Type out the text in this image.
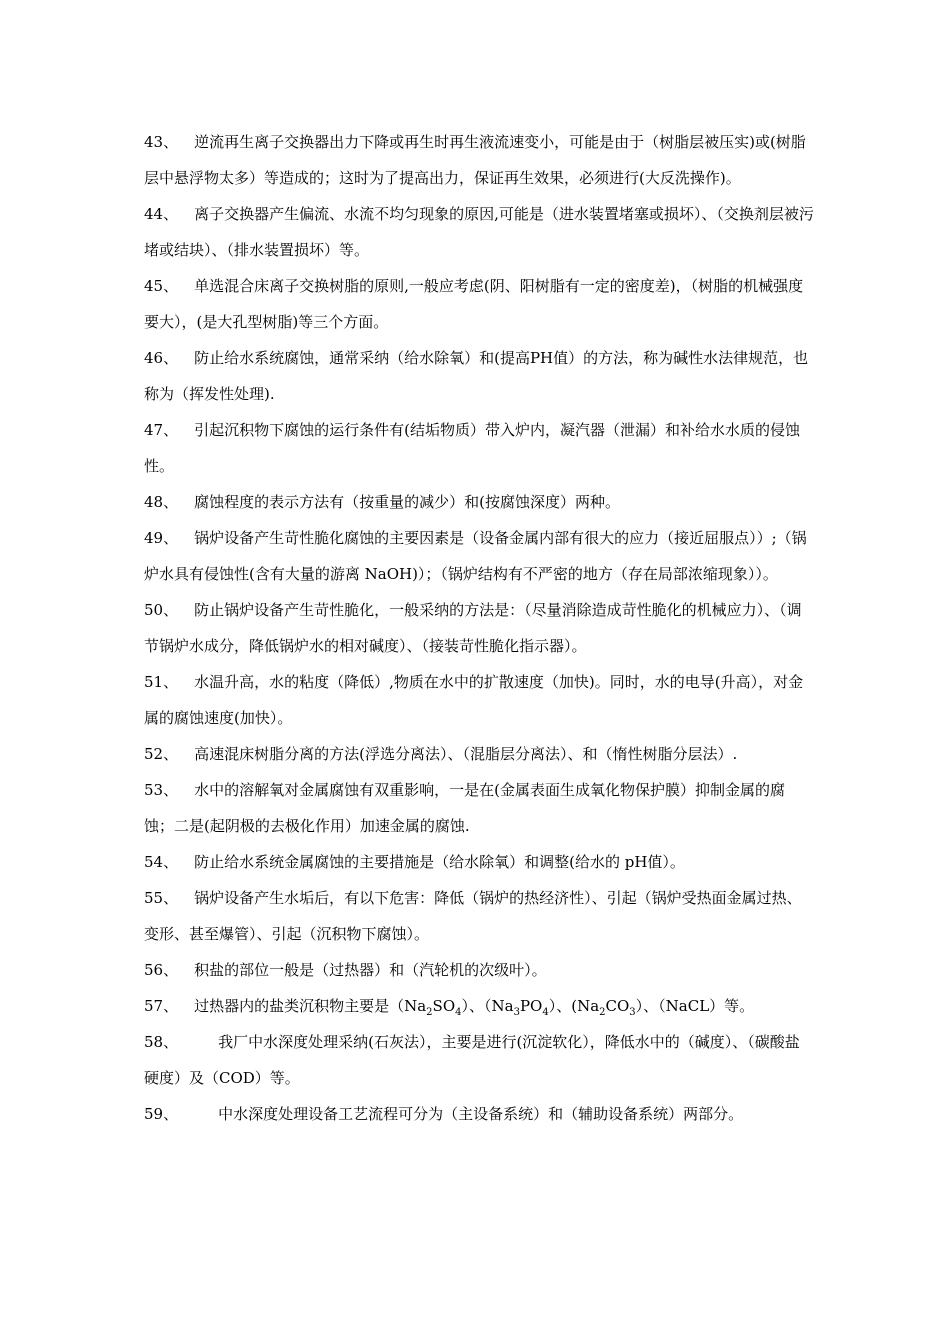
43、 逆流再生离子交换器出力下降或再生时再生液流速变小，可能是由于（树脂层被压实)或(树脂层中悬浮物太多）等造成的；这时为了提高出力，保证再生效果，必须进行(大反洗操作)。

44、 离子交换器产生偏流、水流不均匀现象的原因,可能是（进水装置堵塞或损坏）、（交换剂层被污堵或结块）、（排水装置损坏）等。

45、 单选混合床离子交换树脂的原则,一般应考虑(阴、阳树脂有一定的密度差)，（树脂的机械强度要大），(是大孔型树脂)等三个方面。

46、 防止给水系统腐蚀，通常采纳（给水除氧）和(提高PH值）的方法，称为碱性水法律规范，也称为（挥发性处理).

47、 引起沉积物下腐蚀的运行条件有(结垢物质）带入炉内，凝汽器（泄漏）和补给水水质的侵蚀性。

48、 腐蚀程度的表示方法有（按重量的减少）和(按腐蚀深度）两种。

49、 锅炉设备产生苛性脆化腐蚀的主要因素是（设备金属内部有很大的应力（接近屈服点））;（锅炉水具有侵蚀性(含有大量的游离 NaOH)）；（锅炉结构有不严密的地方（存在局部浓缩现象））。

50、 防止锅炉设备产生苛性脆化，一般采纳的方法是：（尽量消除造成苛性脆化的机械应力）、（调节锅炉水成分，降低锅炉水的相对碱度）、（接装苛性脆化指示器）。

51、 水温升高，水的粘度（降低）,物质在水中的扩散速度（加快)。同时，水的电导(升高），对金属的腐蚀速度(加快）。

52、 高速混床树脂分离的方法(浮选分离法）、（混脂层分离法）、和（惰性树脂分层法）.

53、 水中的溶解氧对金属腐蚀有双重影响，一是在(金属表面生成氧化物保护膜）抑制金属的腐蚀；二是(起阴极的去极化作用）加速金属的腐蚀.

54、 防止给水系统金属腐蚀的主要措施是（给水除氧）和调整(给水的 pH值）。

55、 锅炉设备产生水垢后，有以下危害：降低（锅炉的热经济性）、引起（锅炉受热面金属过热、变形、甚至爆管）、引起（沉积物下腐蚀）。

56、 积盐的部位一般是（过热器）和（汽轮机的次级叶）。

57、 过热器内的盐类沉积物主要是$(Na_2SO_4)$、$(Na_3PO_4)$、$(Na_2CO_3)$、（NaCL）等。

58、	我厂中水深度处理采纳(石灰法），主要是进行(沉淀软化），降低水中的（碱度）、（碳酸盐硬度）及（COD）等。

59、	中水深度处理设备工艺流程可分为（主设备系统）和（辅助设备系统）两部分。
